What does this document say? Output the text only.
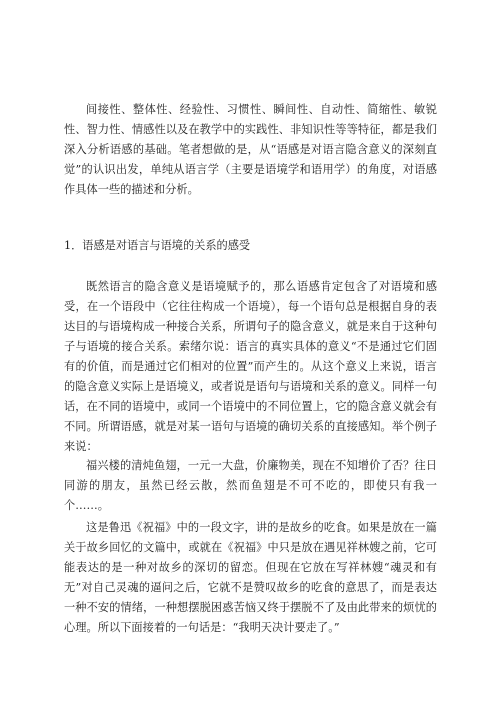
间接性、整体性、经验性、习惯性、瞬间性、自动性、简缩性、敏锐性、智力性、情感性以及在教学中的实践性、非知识性等等特征，都是我们深入分析语感的基础。笔者想做的是，从“语感是对语言隐含意义的深刻直觉”的认识出发，单纯从语言学（主要是语境学和语用学）的角度，对语感作具体一些的描述和分析。

1．语感是对语言与语境的关系的感受

既然语言的隐含意义是语境赋予的，那么语感肯定包含了对语境和感受，在一个语段中（它往往构成一个语境），每一个语句总是根据自身的表达目的与语境构成一种接合关系，所谓句子的隐含意义，就是来自于这种句子与语境的接合关系。索绪尔说：语言的真实具体的意义“不是通过它们固有的价值，而是通过它们相对的位置”而产生的。从这个意义上来说，语言的隐含意义实际上是语境义，或者说是语句与语境和关系的意义。同样一句话，在不同的语境中，或同一个语境中的不同位置上，它的隐含意义就会有不同。所谓语感，就是对某一语句与语境的确切关系的直接感知。举个例子来说：

福兴楼的清炖鱼翅，一元一大盘，价廉物美，现在不知增价了否？往日同游的朋友，虽然已经云散，然而鱼翅是不可不吃的，即使只有我一个……。

这是鲁迅《祝福》中的一段文字，讲的是故乡的吃食。如果是放在一篇关于故乡回忆的文篇中，或就在《祝福》中只是放在遇见祥林嫂之前，它可能表达的是一种对故乡的深切的留恋。但现在它放在写祥林嫂“魂灵和有无”对自己灵魂的逼问之后，它就不是赞叹故乡的吃食的意思了，而是表达一种不安的情绪，一种想摆脱困惑苦恼又终于摆脱不了及由此带来的烦忧的心理。所以下面接着的一句话是：“我明天决计要走了。”
